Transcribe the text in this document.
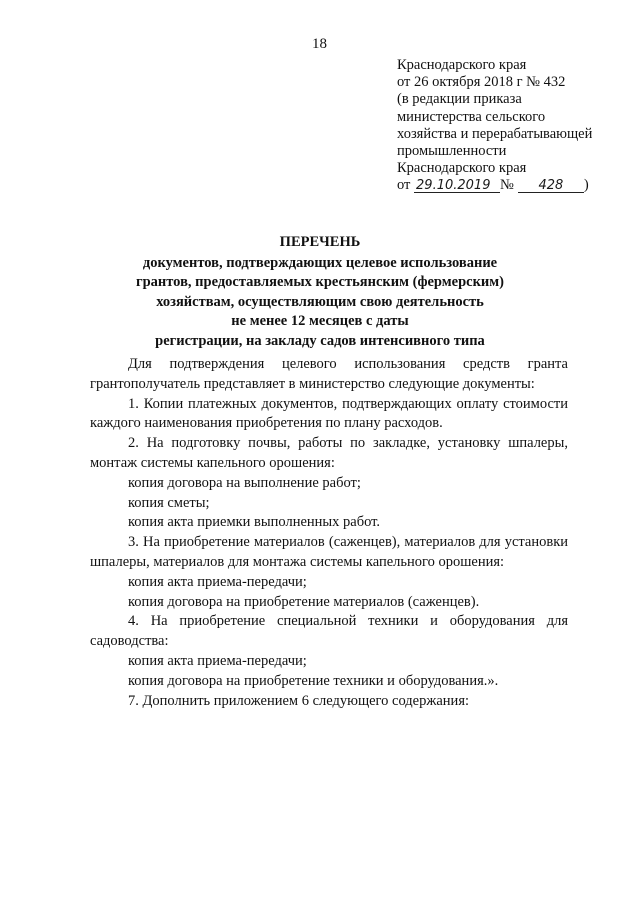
18
Краснодарского края
от 26 октября 2018 г № 432
(в редакции приказа
министерства сельского
хозяйства и перерабатывающей
промышленности
Краснодарского края
от 29.10.2019 № 428 )
ПЕРЕЧЕНЬ
документов, подтверждающих целевое использование
грантов, предоставляемых крестьянским (фермерским)
хозяйствам, осуществляющим свою деятельность
не менее 12 месяцев с даты
регистрации, на закладу садов интенсивного типа
Для подтверждения целевого использования средств гранта грантополучатель представляет в министерство следующие документы:
1. Копии платежных документов, подтверждающих оплату стоимости каждого наименования приобретения по плану расходов.
2. На подготовку почвы, работы по закладке, установку шпалеры, монтаж системы капельного орошения:
копия договора на выполнение работ;
копия сметы;
копия акта приемки выполненных работ.
3. На приобретение материалов (саженцев), материалов для установки шпалеры, материалов для монтажа системы капельного орошения:
копия акта приема-передачи;
копия договора на приобретение материалов (саженцев).
4. На приобретение специальной техники и оборудования для садоводства:
копия акта приема-передачи;
копия договора на приобретение техники и оборудования.».
7. Дополнить приложением 6 следующего содержания:
